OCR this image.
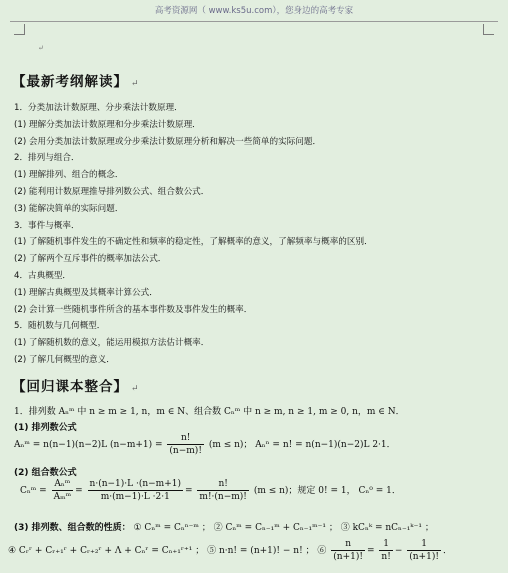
高考资源网（ www.ks5u.com），您身边的高考专家
↵
【最新考纲解读】 ↵
1．分类加法计数原理、分步乘法计数原理．
(1) 理解分类加法计数原理和分步乘法计数原理．
(2) 会用分类加法计数原理或分步乘法计数原理分析和解决一些简单的实际问题．
2．排列与组合．
(1) 理解排列、组合的概念．
(2) 能利用计数原理推导排列数公式、组合数公式．
(3) 能解决简单的实际问题．
3．事件与概率．
(1) 了解随机事件发生的不确定性和频率的稳定性，了解概率的意义，了解频率与概率的区别．
(2) 了解两个互斥事件的概率加法公式．
4．古典概型．
(1) 理解古典概型及其概率计算公式．
(2) 会计算一些随机事件所含的基本事件数及事件发生的概率．
5．随机数与几何概型．
(1) 了解随机数的意义，能运用模拟方法估计概率．
(2) 了解几何概型的意义．
【回归课本整合】 ↵
1．排列数 Aₙᵐ 中 n ≥ m ≥ 1, n，m ∈ N、组合数 Cₙᵐ 中 n ≥ m, n ≥ 1, m ≥ 0, n，m ∈ N．
(1) 排列数公式
Aₙᵐ = n(n−1)(n−2)L $(n-m+1) = \frac{n!}{(n-m)!} (m \le n)$； Aₙⁿ = n! = n(n−1)(n−2)L 2·1．
(2) 组合数公式
Cₙᵐ = $\frac{\text{Aₙᵐ}}{\text{Aₘᵐ}} = \frac{n\cdot(n-1)\cdot L \cdot(n-m+1)}{m\cdot(m-1)\cdot L \cdot 2\cdot 1} = \frac{n!}{m!\cdot(n-m)!} (m \le n)$；规定 0! = 1， Cₙ⁰ = 1．
(3) 排列数、组合数的性质： ① Cₙᵐ = Cₙⁿ⁻ᵐ ； ② Cₙᵐ = Cₙ₋₁ᵐ + Cₙ₋₁ᵐ⁻¹ ； ③ kCₙᵏ = nCₙ₋₁ᵏ⁻¹ ；
④ Cᵣʳ + Cᵣ₊₁ʳ + Cᵣ₊₂ʳ + Λ + Cₙʳ = Cₙ₊₁ʳ⁺¹ ； ⑤ n·n! = (n+1)! − n! ； ⑥ $\frac{n}{(n+1)!} = \frac{1}{n!} - \frac{1}{(n+1)!}$ ．
